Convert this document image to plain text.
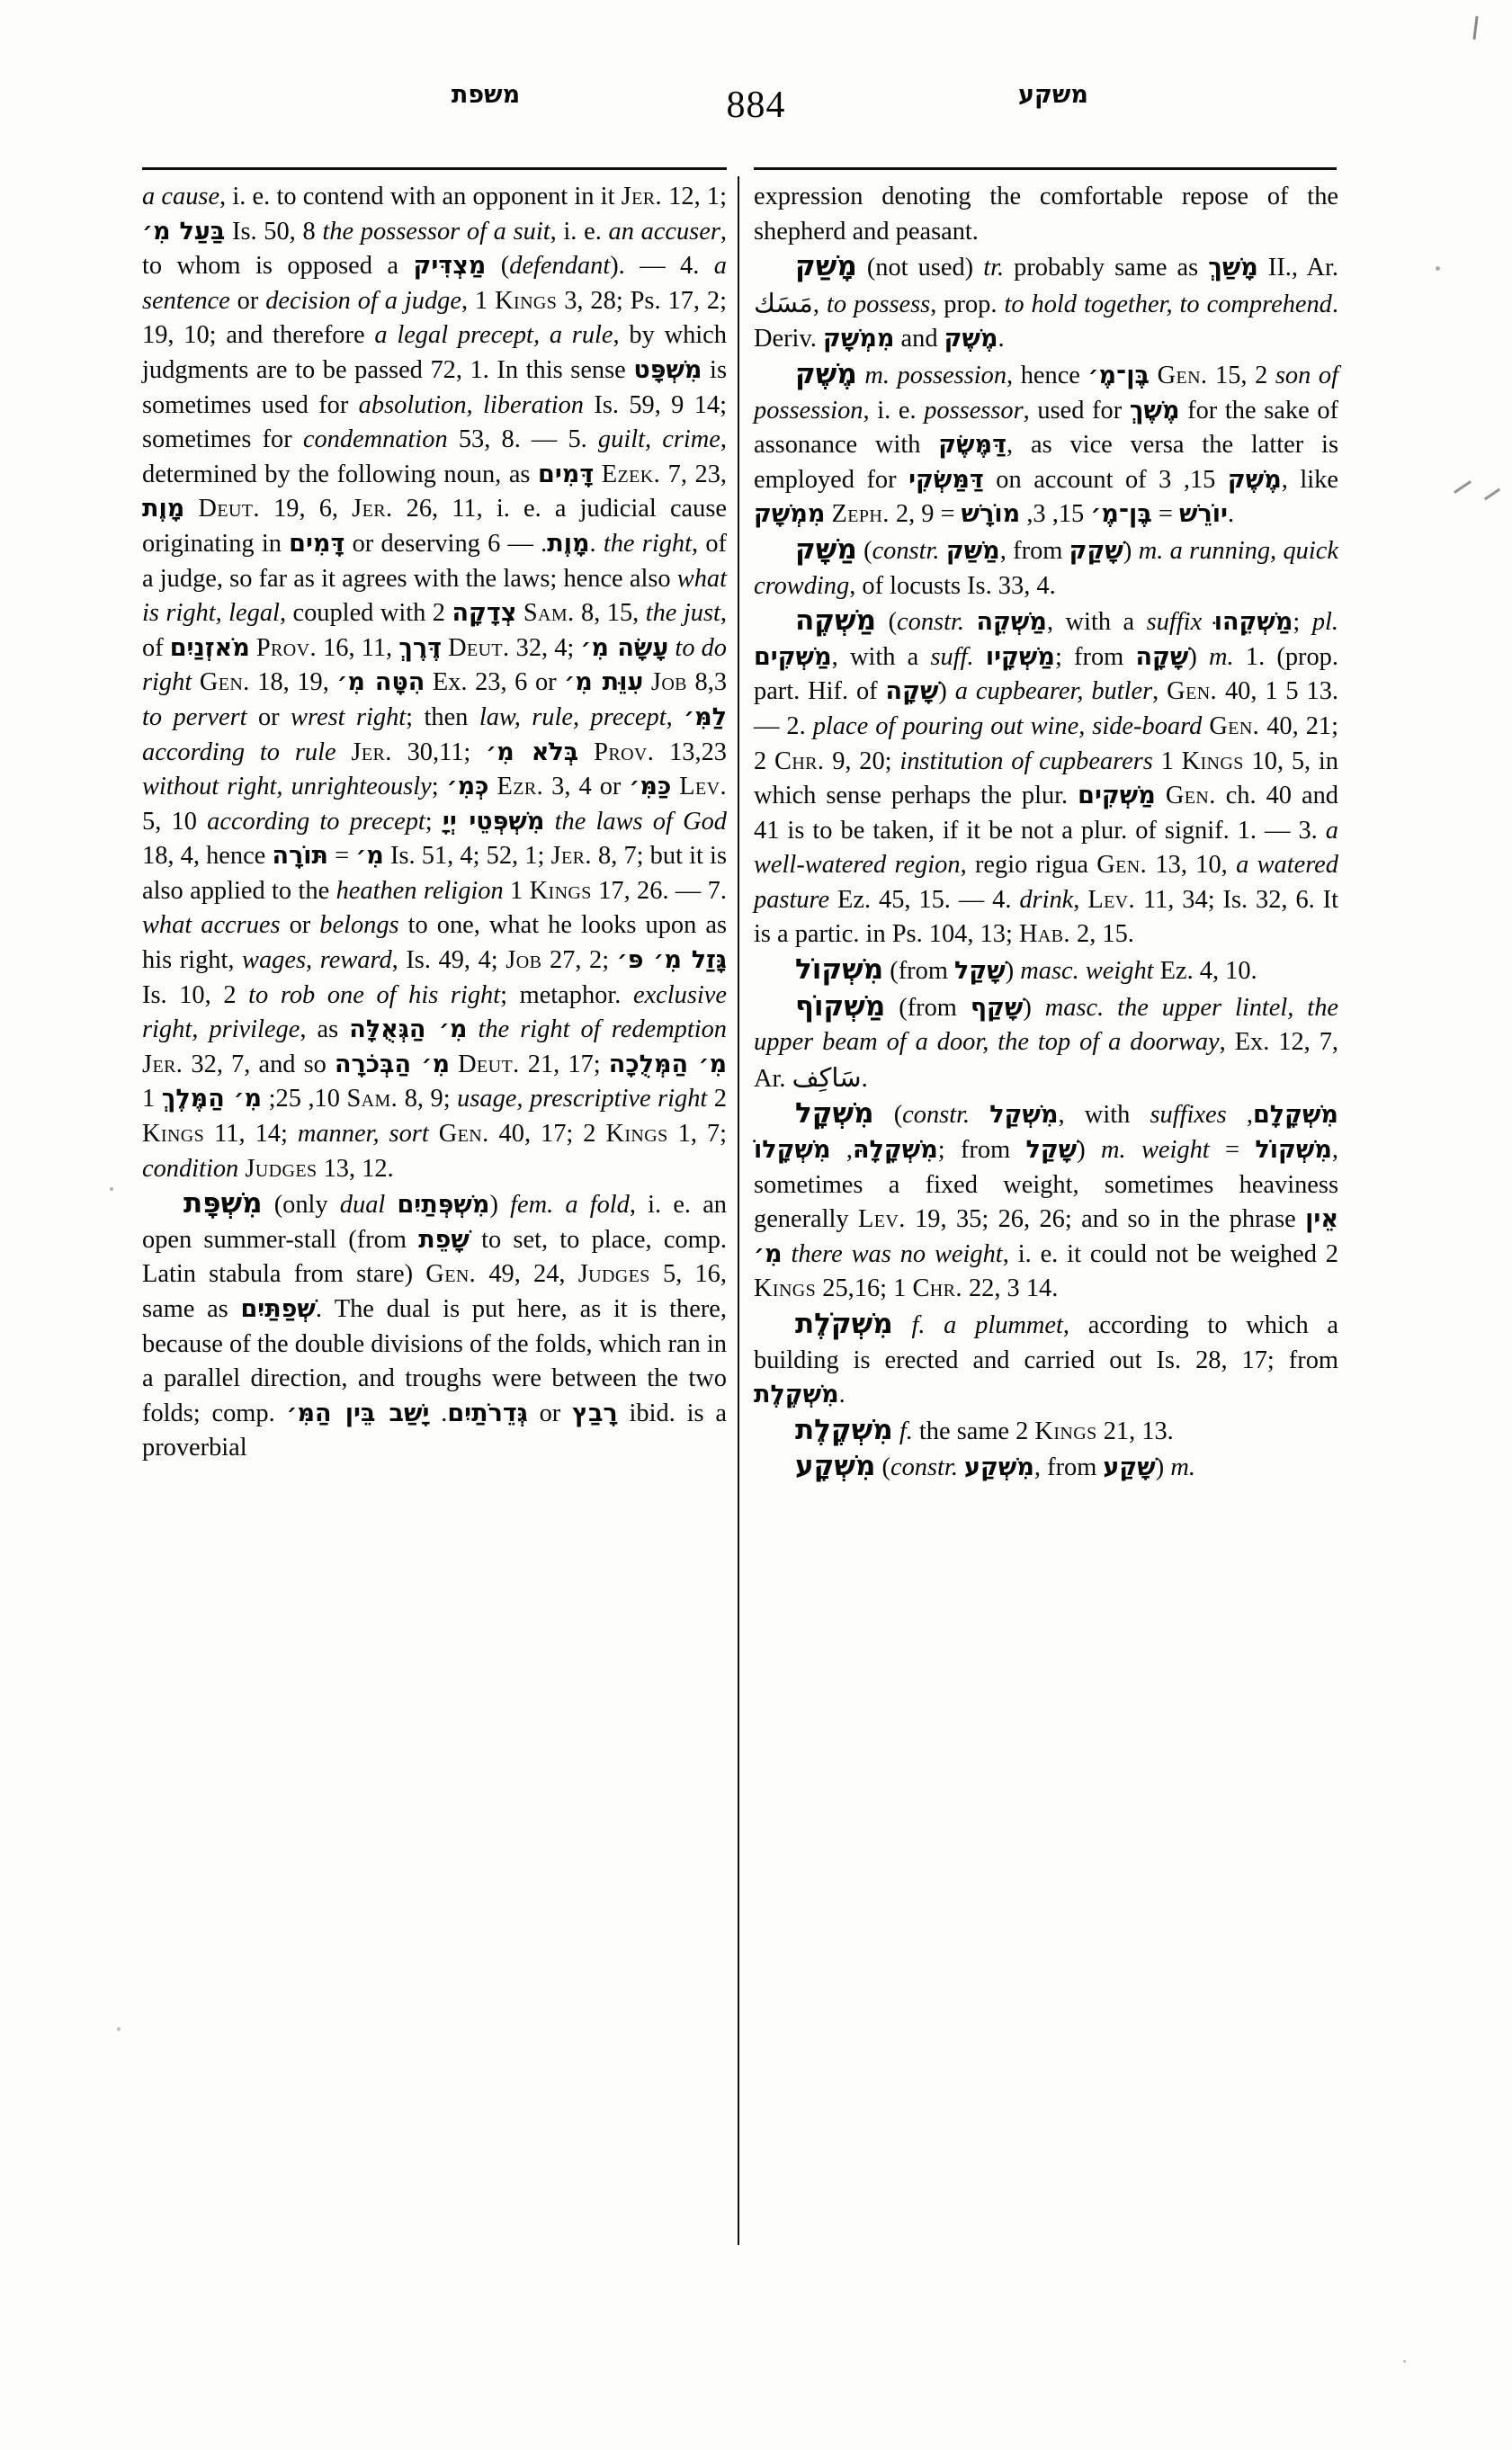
משפת	884	משקע

a cause, i. e. to contend with an opponent in it Jer. 12, 1; בַּעַל מִ׳ Is. 50, 8 the possessor of a suit, i. e. an accuser, to whom is opposed a מַצְדִּיק (defendant). — 4. a sentence or decision of a judge, 1 Kings 3, 28; Ps. 17, 2; 19, 10; and therefore a legal precept, a rule, by which judgments are to be passed 72, 1. In this sense מִשְׁפָּט is sometimes used for absolution, liberation Is. 59, 9 14; sometimes for condemnation 53, 8. — 5. guilt, crime, determined by the following noun, as דָּמִים Ezek. 7, 23, מָוֶת Deut. 19, 6, Jer. 26, 11, i. e. a judicial cause originating in דָּמִים or deserving מָוֶת. — 6. the right, of a judge, so far as it agrees with the laws; hence also what is right, legal, coupled with צְדָקָה 2 Sam. 8, 15, the just, of מֹאזְנַיִם Prov. 16, 11, דֶּרֶךְ Deut. 32, 4; עָשָׂה מִ׳ to do right Gen. 18, 19, הִטָּה מִ׳ Ex. 23, 6 or עִוֵּת מִ׳ Job 8,3 to pervert or wrest right; then law, rule, precept, לַמִּ׳ according to rule Jer. 30,11; בְּלֹא מִ׳ Prov. 13,23 without right, unrighteously; כְּמִ׳ Ezr. 3, 4 or כַּמִּ׳ Lev. 5, 10 according to precept; מִשְׁפְּטֵי יְיָ the laws of God 18, 4, hence	מִ׳ = תּוֹרָה Is. 51, 4; 52, 1; Jer. 8, 7; but it is also applied to the heathen religion 1 Kings 17, 26. — 7. what accrues or belongs to one, what he looks upon as his right, wages, reward, Is. 49, 4; Job 27, 2; גָּזַל מִ׳ פּ׳ Is. 10, 2 to rob one of his right; metaphor. exclusive right, privilege, as מִ׳ הַגְּאֻלָּה the right of redemption Jer. 32, 7, and so מִ׳ הַבְּכֹרָה Deut. 21, 17; מִ׳ הַמְּלֻכָה 10, 25; מִ׳ הַמֶּלֶךְ 1 Sam. 8, 9; usage, prescriptive right 2 Kings 11, 14; manner, sort Gen. 40, 17; 2 Kings 1, 7; condition Judges 13, 12.

מִשְׁפָּת (only dual מִשְׁפְּתַיִם) fem. a fold, i. e. an open summer-stall (from שָׁפֵת to set, to place, comp. Latin stabula from stare) Gen. 49, 24, Judges 5, 16, same as שְׁפַתַּיִם. The dual is put here, as it is there, because of the double divisions of the folds, which ran in a parallel direction, and troughs were between the two folds; comp.	גְּדֵרֹתַיִם. יָשַׁב בֵּין הַמִּ׳	or רָבַץ ibid. is a proverbial

expression denoting the comfortable repose of the shepherd and peasant.

מָשַׁק (not used) tr. probably same as מָשַׁךְ II., Ar. مَسَك, to possess, prop. to hold together, to comprehend. Deriv. מִמְשָׁק and מֶשֶׁק.

מֶשֶׁק m. possession, hence בֶּן־מֶ׳ Gen. 15, 2 son of possession, i. e. possessor, used for מֶשֶׁךְ for the sake of assonance with דַּמֶּשֶׂק, as vice versa the latter is employed for דַּמַּשְׂקִי on account of	מֶשֶׁק 15, 3, like מִמְשָׁק Zeph. 2, 9 =	יוֹרֵשׁ = בֶּן־מֶ׳ 15, 3, מוֹרָשׁ	.

מַשָּׁק (constr. מַשַּׁק, from שָׁקַק) m. a running, quick crowding, of locusts Is. 33, 4.

מַשְׁקֶה (constr. מַשְׁקֵה, with a suffix מַשְׁקֵהוּ; pl. מַשְׁקִים, with a suff. מַשְׁקָיו; from שָׁקָה) m. 1. (prop. part. Hif. of שָׁקָה) a cupbearer, butler, Gen. 40, 1 5 13. — 2. place of pouring out wine, side-board Gen. 40, 21; 2 Chr. 9, 20; institution of cupbearers 1 Kings 10, 5, in which sense perhaps the plur. מַשְׁקִים Gen. ch. 40 and 41 is to be taken, if it be not a plur. of signif. 1. — 3. a well-watered region, regio rigua Gen. 13, 10, a watered pasture Ez. 45, 15. — 4. drink, Lev. 11, 34; Is. 32, 6. It is a partic. in Ps. 104, 13; Hab. 2, 15.

מִשְׁקוֹל (from שָׁקַל) masc. weight Ez. 4, 10.

מַשְׁקוֹף (from שָׁקַף) masc. the upper lintel, the upper beam of a door, the top of a doorway, Ex. 12, 7, Ar. سَاكِف.

מִשְׁקָל (constr. מִשְׁקַל, with suffixes מִשְׁקָלָם, מִשְׁקָלָהּ, מִשְׁקָלוֹ	; from שָׁקַל) m. weight = מִשְׁקוֹל, sometimes a fixed weight, sometimes heaviness generally Lev. 19, 35; 26, 26; and so in the phrase אֵין מִ׳ there was no weight, i. e. it could not be weighed 2 Kings 25,16; 1 Chr. 22, 3 14.

מִשְׁקֹלֶת f. a plummet, according to which a building is erected and carried out Is. 28, 17; from מִשְׁקֶלֶת.

מִשְׁקֶלֶת f. the same 2 Kings 21, 13.

מִשְׁקָע (constr. מִשְׁקַע, from שָׁקַע) m.
